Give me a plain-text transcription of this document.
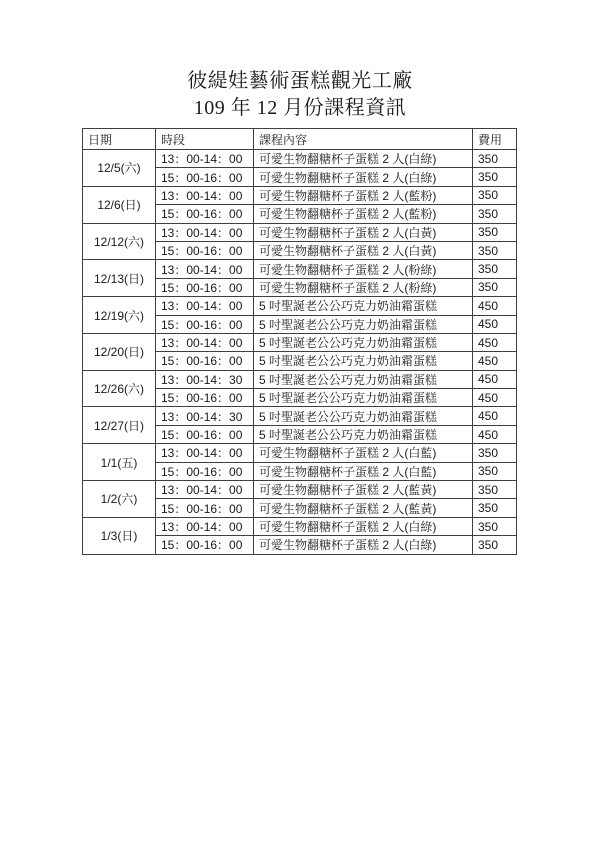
彼緹娃藝術蛋糕觀光工廠
109 年 12 月份課程資訊
日期	時段	課程內容	費用
12/5(六)	13：00-14：00	可愛生物翻糖杯子蛋糕 2 人(白綠)	350
	15：00-16：00	可愛生物翻糖杯子蛋糕 2 人(白綠)	350
12/6(日)	13：00-14：00	可愛生物翻糖杯子蛋糕 2 人(藍粉)	350
	15：00-16：00	可愛生物翻糖杯子蛋糕 2 人(藍粉)	350
12/12(六)	13：00-14：00	可愛生物翻糖杯子蛋糕 2 人(白黃)	350
	15：00-16：00	可愛生物翻糖杯子蛋糕 2 人(白黃)	350
12/13(日)	13：00-14：00	可愛生物翻糖杯子蛋糕 2 人(粉綠)	350
	15：00-16：00	可愛生物翻糖杯子蛋糕 2 人(粉綠)	350
12/19(六)	13：00-14：00	5 吋聖誕老公公巧克力奶油霜蛋糕	450
	15：00-16：00	5 吋聖誕老公公巧克力奶油霜蛋糕	450
12/20(日)	13：00-14：00	5 吋聖誕老公公巧克力奶油霜蛋糕	450
	15：00-16：00	5 吋聖誕老公公巧克力奶油霜蛋糕	450
12/26(六)	13：00-14：30	5 吋聖誕老公公巧克力奶油霜蛋糕	450
	15：00-16：00	5 吋聖誕老公公巧克力奶油霜蛋糕	450
12/27(日)	13：00-14：30	5 吋聖誕老公公巧克力奶油霜蛋糕	450
	15：00-16：00	5 吋聖誕老公公巧克力奶油霜蛋糕	450
1/1(五)	13：00-14：00	可愛生物翻糖杯子蛋糕 2 人(白藍)	350
	15：00-16：00	可愛生物翻糖杯子蛋糕 2 人(白藍)	350
1/2(六)	13：00-14：00	可愛生物翻糖杯子蛋糕 2 人(藍黃)	350
	15：00-16：00	可愛生物翻糖杯子蛋糕 2 人(藍黃)	350
1/3(日)	13：00-14：00	可愛生物翻糖杯子蛋糕 2 人(白綠)	350
	15：00-16：00	可愛生物翻糖杯子蛋糕 2 人(白綠)	350
